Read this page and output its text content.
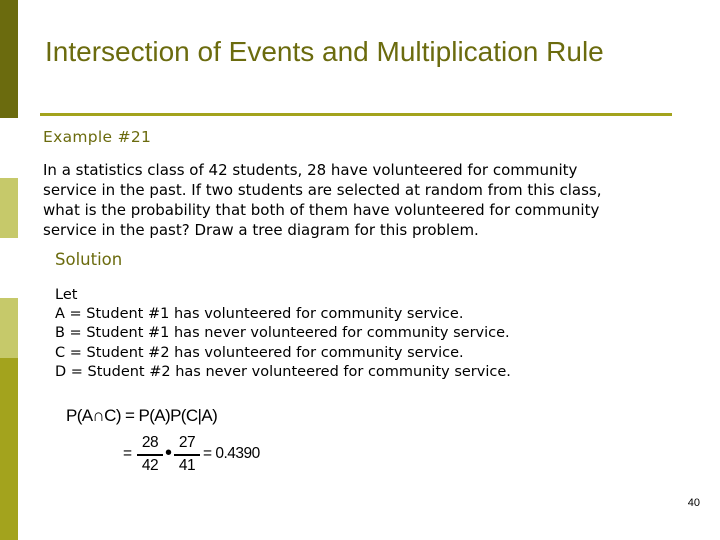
Intersection of Events and Multiplication Rule
Example #21
In a statistics class of 42 students, 28 have volunteered for community
service in the past. If two students are selected at random from this class,
what is the probability that both of them have volunteered for community
service in the past? Draw a tree diagram for this problem.
Solution
Let
A = Student #1 has volunteered for community service.
B = Student #1 has never volunteered for community service.
C = Student #2 has volunteered for community service.
D = Student #2 has never volunteered for community service.
P(A∩C) = P(A)P(C|A)
=
28
42
• 27
41
= 0.4390
40
